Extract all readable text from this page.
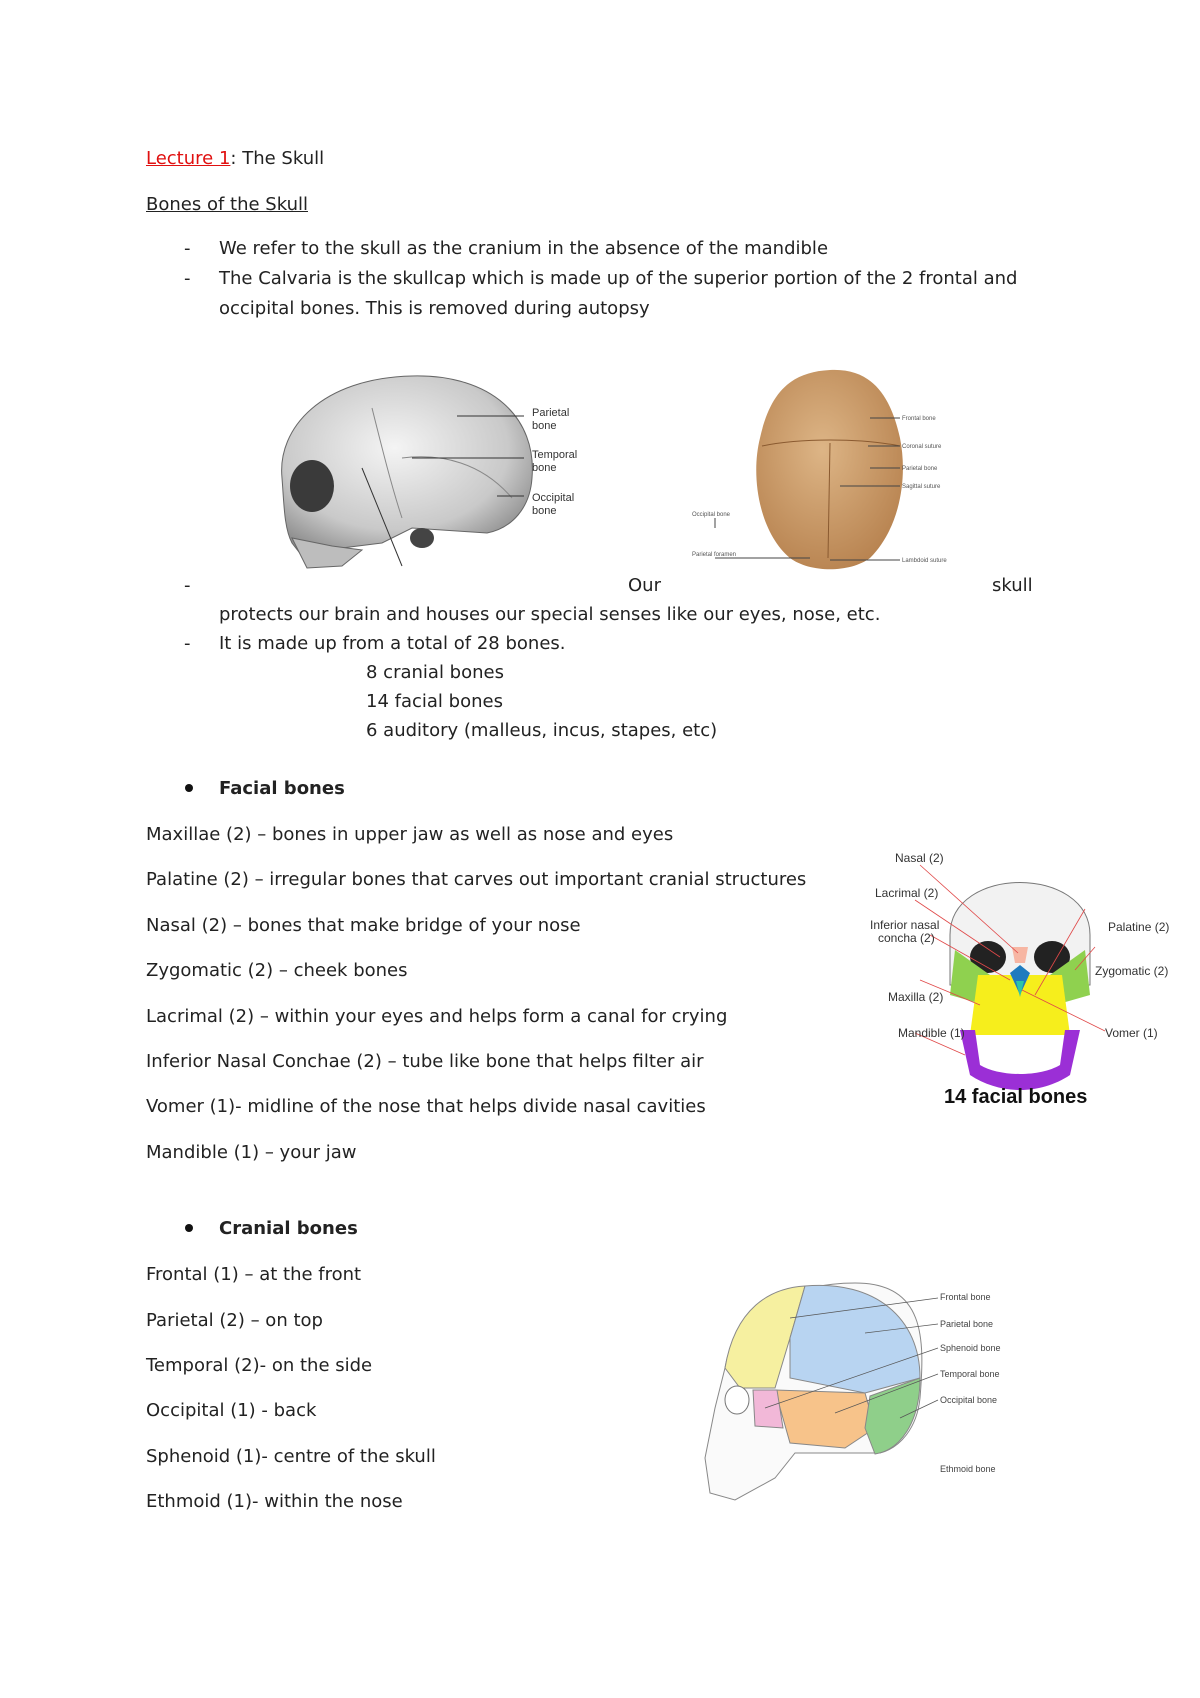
Lecture 1: The Skull
Bones of the Skull
- We refer to the skull as the cranium in the absence of the mandible
- The Calvaria is the skullcap which is made up of the superior portion of the 2 frontal and
occipital bones. This is removed during autopsy
Parietal
bone
Temporal
bone
Occipital
bone
Frontal bone
Coronal suture
Parietal bone
Sagittal suture
Occipital bone
Parietal foramen
Lambdoid suture
-	Our	skull
protects our brain and houses our special senses like our eyes, nose, etc.
- It is made up from a total of 28 bones.
8 cranial bones
14 facial bones
6 auditory (malleus, incus, stapes, etc)
Facial bones
Maxillae (2) – bones in upper jaw as well as nose and eyes
Palatine (2) – irregular bones that carves out important cranial structures
Nasal (2) – bones that make bridge of your nose
Zygomatic (2) – cheek bones
Lacrimal (2) – within your eyes and helps form a canal for crying
Inferior Nasal Conchae (2) – tube like bone that helps filter air
Vomer (1)- midline of the nose that helps divide nasal cavities
Mandible (1) – your jaw
Nasal (2)
Lacrimal (2)
Inferior nasal
concha (2)
Maxilla (2)
Mandible (1)
Palatine (2)
Zygomatic (2)
Vomer (1)
14 facial bones
Cranial bones
Frontal (1) – at the front
Parietal (2) – on top
Temporal (2)- on the side
Occipital (1) - back
Sphenoid (1)- centre of the skull
Ethmoid (1)- within the nose
Frontal bone
Parietal bone
Sphenoid bone
Temporal bone
Occipital bone
Ethmoid bone
